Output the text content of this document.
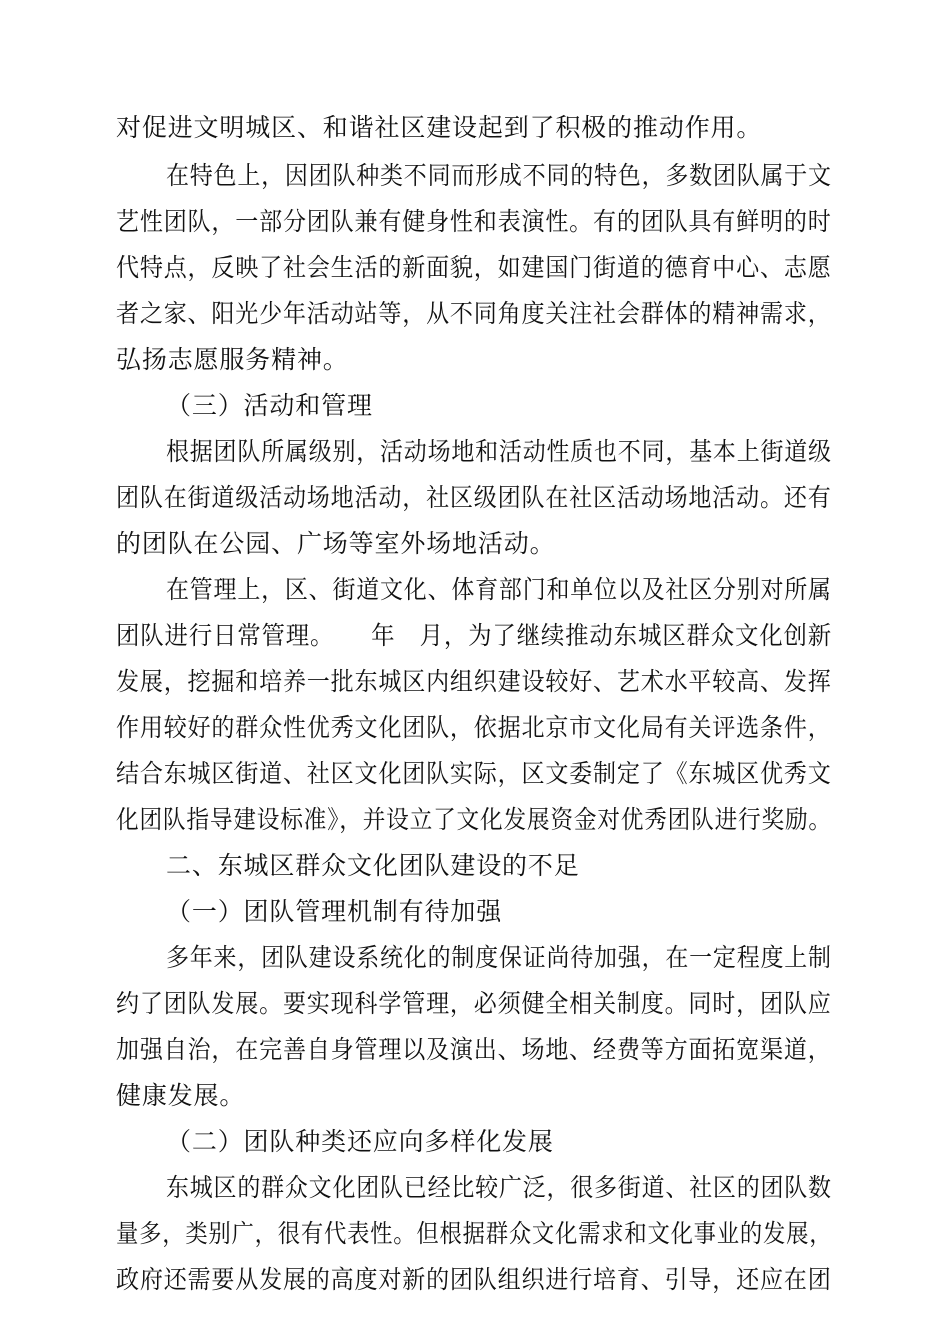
对促进文明城区、和谐社区建设起到了积极的推动作用。
在特色上，因团队种类不同而形成不同的特色，多数团队属于文
艺性团队，一部分团队兼有健身性和表演性。有的团队具有鲜明的时
代特点，反映了社会生活的新面貌，如建国门街道的德育中心、志愿
者之家、阳光少年活动站等，从不同角度关注社会群体的精神需求，
弘扬志愿服务精神。
（三）活动和管理
根据团队所属级别，活动场地和活动性质也不同，基本上街道级
团队在街道级活动场地活动，社区级团队在社区活动场地活动。还有
的团队在公园、广场等室外场地活动。
在管理上，区、街道文化、体育部门和单位以及社区分别对所属
团队进行日常管理。　　年　月，为了继续推动东城区群众文化创新
发展，挖掘和培养一批东城区内组织建设较好、艺术水平较高、发挥
作用较好的群众性优秀文化团队，依据北京市文化局有关评选条件，
结合东城区街道、社区文化团队实际，区文委制定了《东城区优秀文
化团队指导建设标准》，并设立了文化发展资金对优秀团队进行奖励。
二、东城区群众文化团队建设的不足
（一）团队管理机制有待加强
多年来，团队建设系统化的制度保证尚待加强，在一定程度上制
约了团队发展。要实现科学管理，必须健全相关制度。同时，团队应
加强自治，在完善自身管理以及演出、场地、经费等方面拓宽渠道，
健康发展。
（二）团队种类还应向多样化发展
东城区的群众文化团队已经比较广泛，很多街道、社区的团队数
量多，类别广，很有代表性。但根据群众文化需求和文化事业的发展，
政府还需要从发展的高度对新的团队组织进行培育、引导，还应在团
